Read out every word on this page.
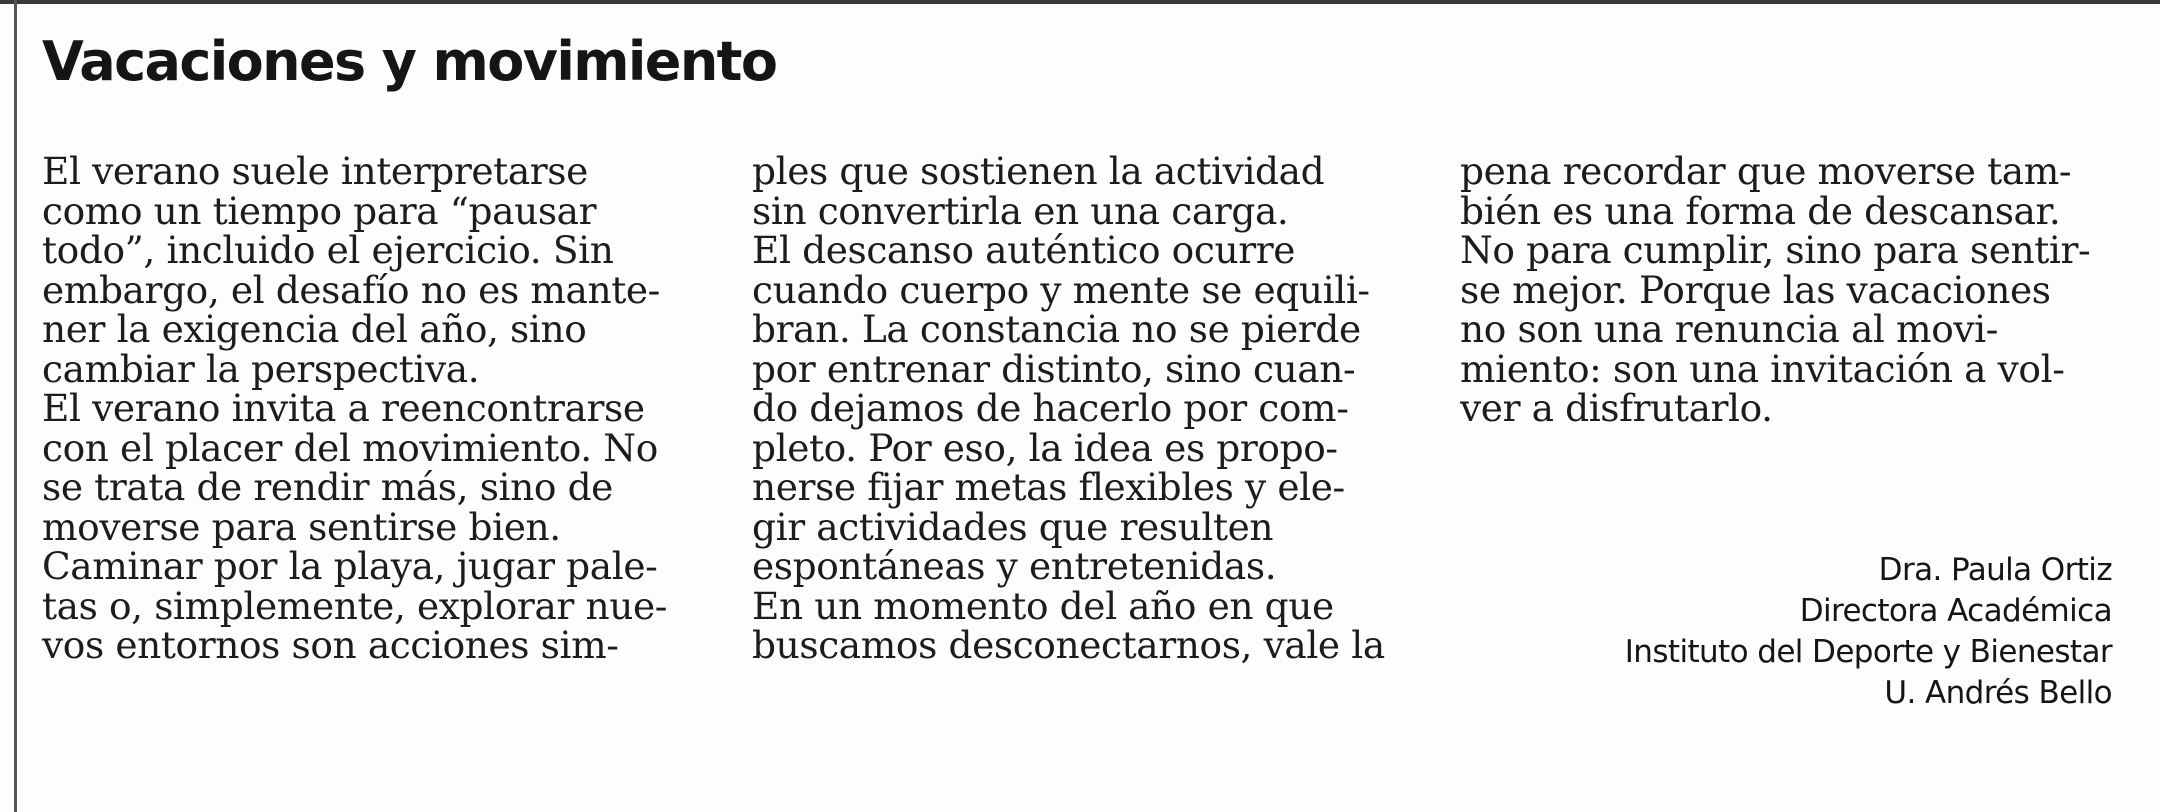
Vacaciones y movimiento
El verano suele interpretarse
como un tiempo para “pausar
todo”, incluido el ejercicio. Sin
embargo, el desafío no es mante-
ner la exigencia del año, sino
cambiar la perspectiva.
El verano invita a reencontrarse
con el placer del movimiento. No
se trata de rendir más, sino de
moverse para sentirse bien.
Caminar por la playa, jugar pale-
tas o, simplemente, explorar nue-
vos entornos son acciones sim-
ples que sostienen la actividad
sin convertirla en una carga.
El descanso auténtico ocurre
cuando cuerpo y mente se equili-
bran. La constancia no se pierde
por entrenar distinto, sino cuan-
do dejamos de hacerlo por com-
pleto. Por eso, la idea es propo-
nerse fijar metas flexibles y ele-
gir actividades que resulten
espontáneas y entretenidas.
En un momento del año en que
buscamos desconectarnos, vale la
pena recordar que moverse tam-
bién es una forma de descansar.
No para cumplir, sino para sentir-
se mejor. Porque las vacaciones
no son una renuncia al movi-
miento: son una invitación a vol-
ver a disfrutarlo.
Dra. Paula Ortiz
Directora Académica
Instituto del Deporte y Bienestar
U. Andrés Bello
